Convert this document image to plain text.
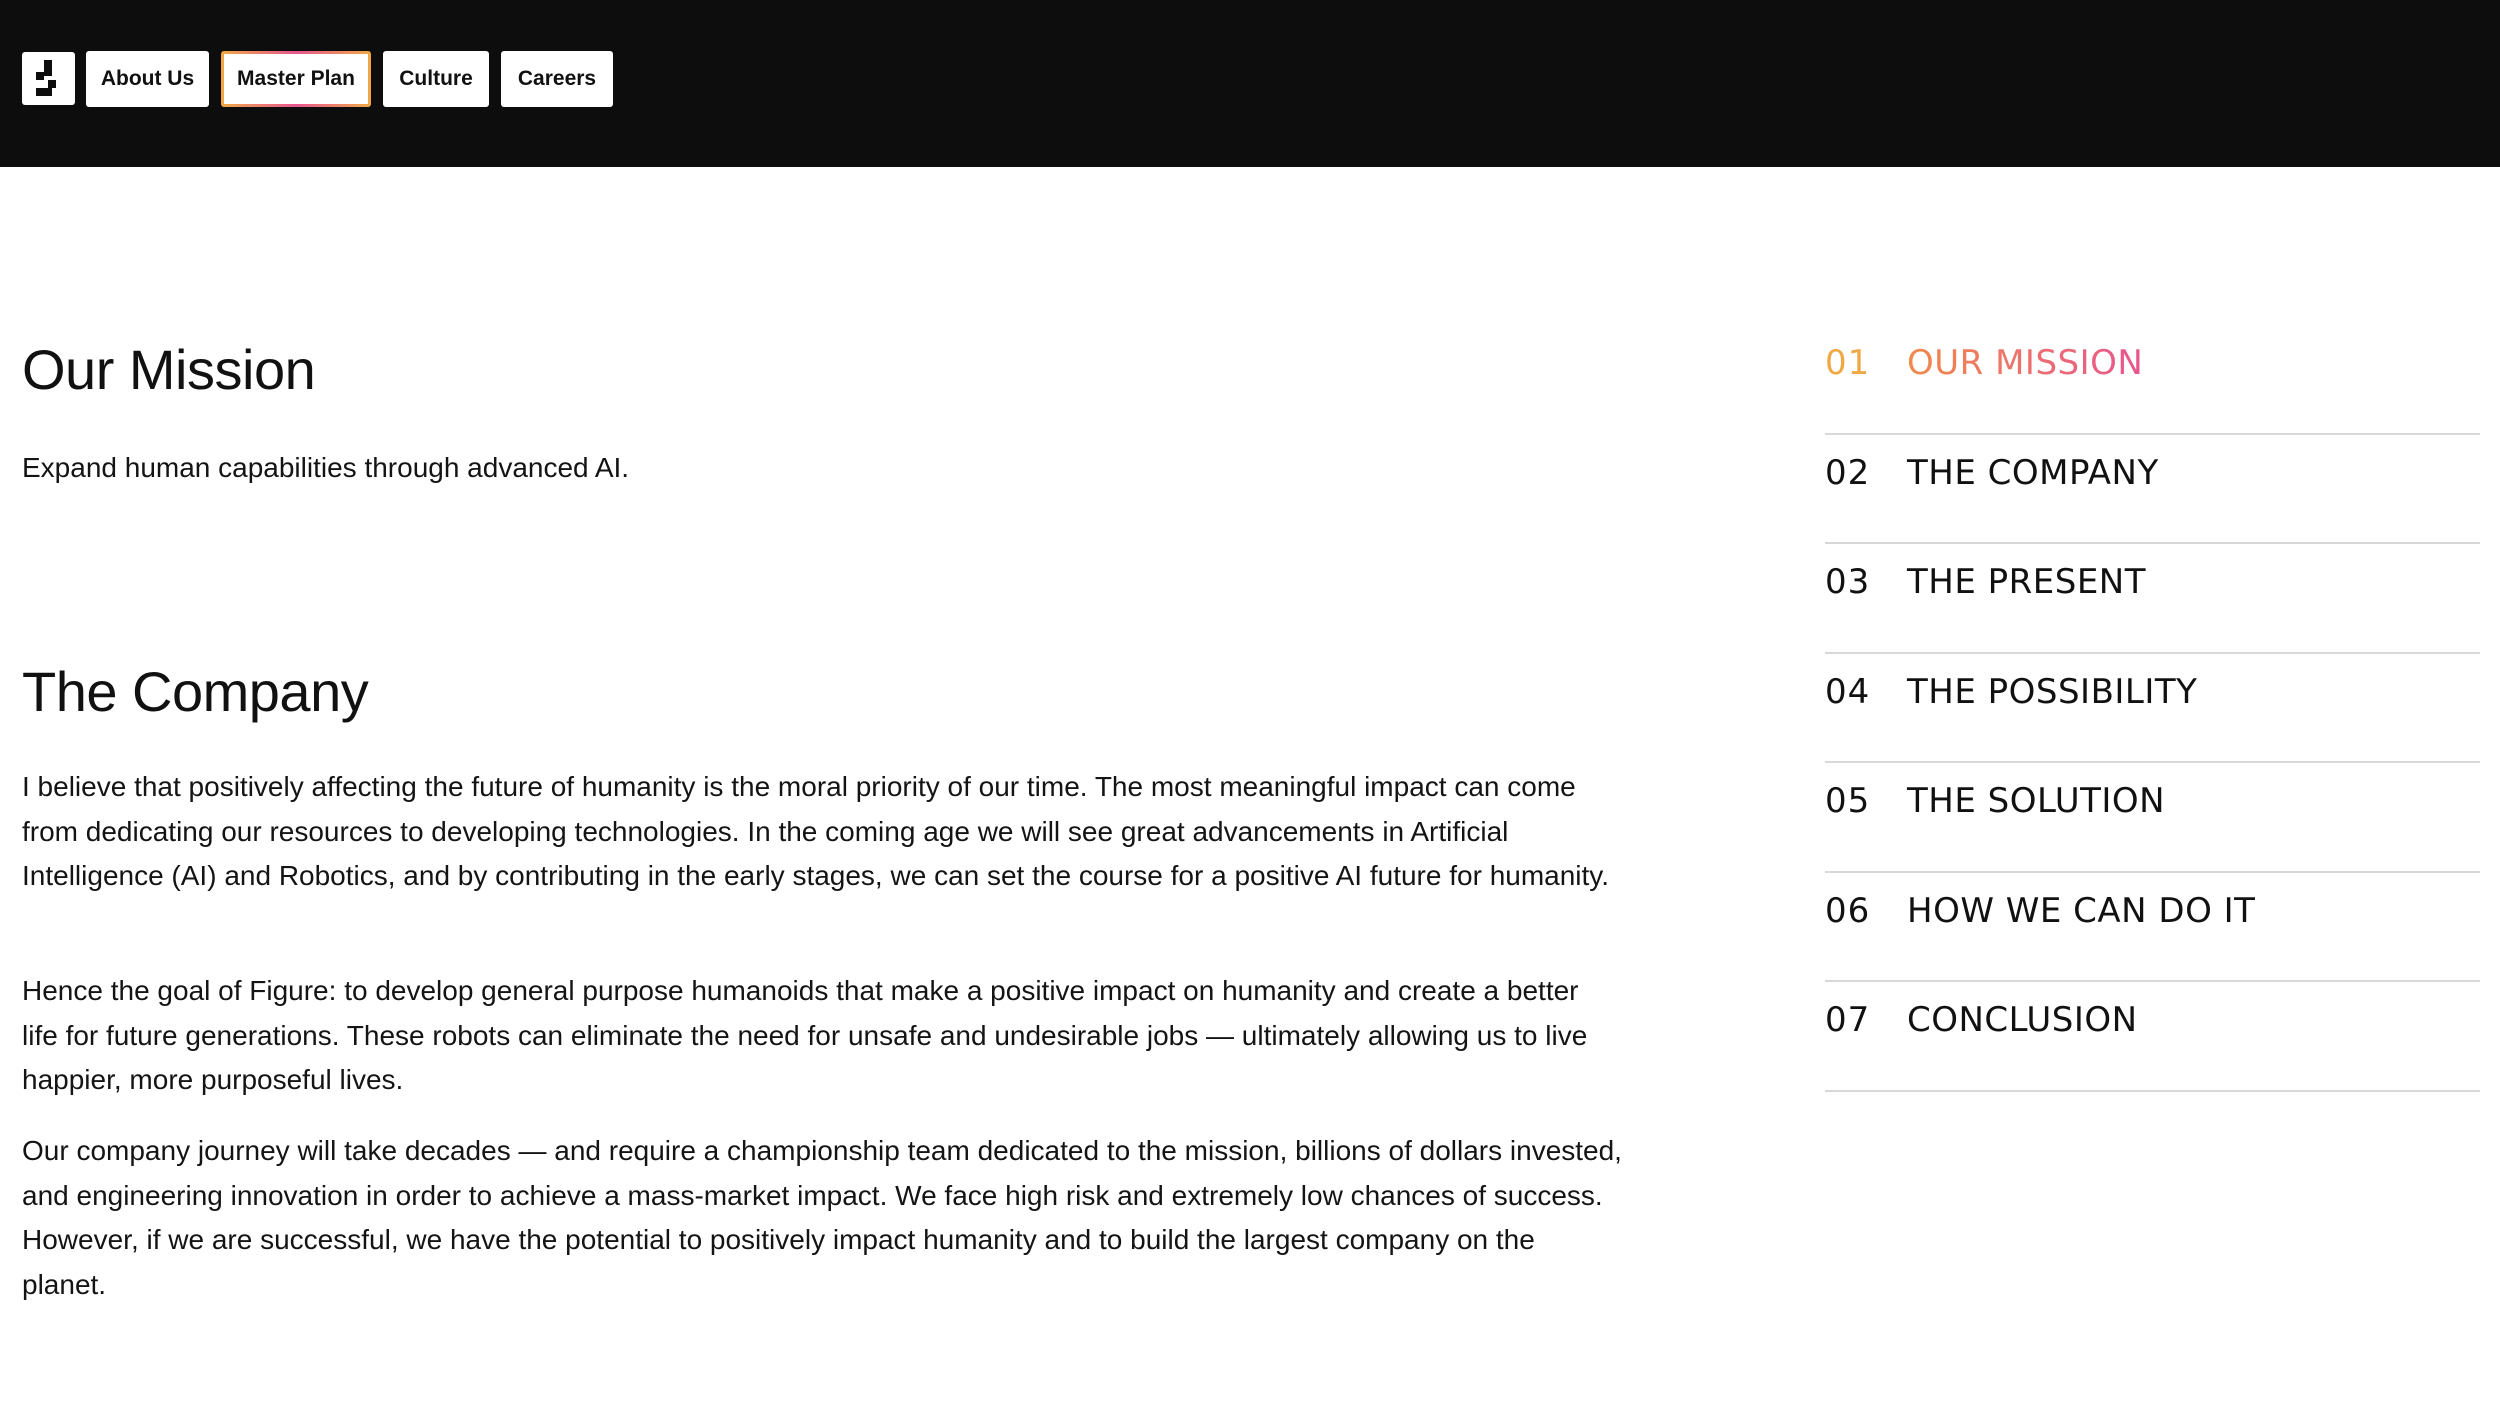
About Us	Master Plan	Culture	Careers
Our Mission

Expand human capabilities through advanced AI.

The Company

I believe that positively affecting the future of humanity is the moral priority of our time. The most meaningful impact can come from dedicating our resources to developing technologies. In the coming age we will see great advancements in Artificial Intelligence (AI) and Robotics, and by contributing in the early stages, we can set the course for a positive AI future for humanity.

Hence the goal of Figure: to develop general purpose humanoids that make a positive impact on humanity and create a better life for future generations. These robots can eliminate the need for unsafe and undesirable jobs — ultimately allowing us to live happier, more purposeful lives.

Our company journey will take decades — and require a championship team dedicated to the mission, billions of dollars invested, and engineering innovation in order to achieve a mass-market impact. We face high risk and extremely low chances of success. However, if we are successful, we have the potential to positively impact humanity and to build the largest company on the planet.

01 OUR MISSION
02 THE COMPANY
03 THE PRESENT
04 THE POSSIBILITY
05 THE SOLUTION
06 HOW WE CAN DO IT
07 CONCLUSION
